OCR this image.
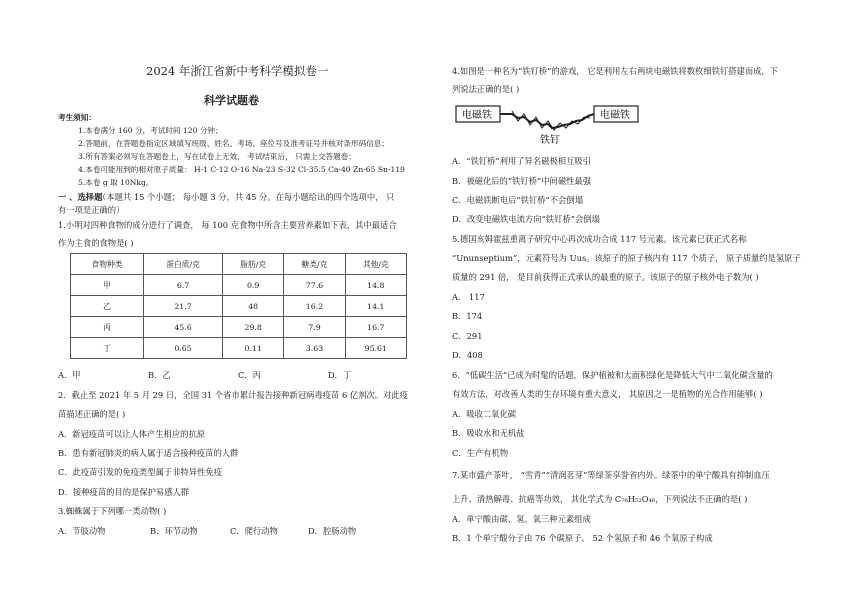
2024 年浙江省新中考科学模拟卷一
科学试题卷
考生须知：
1.本卷满分 160 分，考试时间 120 分钟；
2.答题前，在答题卷指定区域填写班级、姓名、考场、座位号及准考证号并核对条形码信息；
3.所有答案必须写在答题卷上，写在试卷上无效， 考试结束后， 只需上交答题卷；
4.本卷可能用到的相对原子质量： H-1 C-12 O-16 Na-23 S-32 Cl-35.5 Ca-40 Zn-65 Sn-119
5.本卷 g 取 10Nkg。
一 、选择题
（本题共 15 个小题； 每小题 3 分，共 45 分。在每小题给出的四个选项中， 只
有一项是正确的）
1.小明对四种食物的成分进行了调查， 每 100 克食物中所含主要营养素如下表，其中最适合
作为主食的食物是( )
食物种类	蛋白质/克	脂肪/克	糖类/克	其他/克
甲	6.7	0.9	77.6	14.8
乙	21.7	48	16.2	14.1
丙	45.6	29.8	7.9	16.7
丁	0.65	0.11	3.63	95.61
A．甲	B．乙	C．丙	D．丁
2．截止至 2021 年 5 月 29 日，全国 31 个省市累计报告接种新冠病毒疫苗 6 亿剂次。对此疫
苗描述正确的是( )
A．新冠疫苗可以让人体产生相应的抗原
B．患有新冠肺炎的病人属于适合接种疫苗的人群
C．此疫苗引发的免疫类型属于非特异性免疫
D．接种疫苗的目的是保护易感人群
3.蜘蛛属于下列哪一类动物( )
A．节肢动物	B．环节动物	C．爬行动物	D．腔肠动物
4.如图是一种名为“铁钉桥”的游戏， 它是利用左右两块电磁铁将数枚细铁钉搭建而成，下
列说法正确的是( )
电磁铁	电磁铁
铁钉
A．“铁钉桥”利用了异名磁极相互吸引
B．被磁化后的“铁钉桥”中间磁性最强
C．电磁铁断电后“铁钉桥”不会倒塌
D．改变电磁铁电流方向“铁钉桥”会倒塌
5.德国亥姆霍兹重离子研究中心再次成功合成 117 号元素。该元素已获正式名称
“Ununseptium”，元素符号为 Uus。该原子的原子核内有 117 个质子， 原子质量约是氢原子
质量的 291 倍， 是目前获得正式承认的最重的原子。该原子的原子核外电子数为( )
A． 117
B．174
C．291
D．408
6．“低碳生活”已成为时髦的话题，保护植被和大面积绿化是降低大气中二氧化碳含量的
有效方法，对改善人类的生存环境有重大意义， 其原因之一是植物的光合作用能够( )
A．吸收二氧化碳
B．吸收水和无机盐
C．生产有机物
7.某市盛产茶叶， “雪青”“清润茗芽”等绿茶享誉省内外。绿茶中的单宁酸具有抑制血压
上升、清热解毒、抗癌等功效， 其化学式为 C₇₆H₅₂O₄₆，下列说法不正确的是( )
A．单宁酸由碳、氢、氧三种元素组成
B．1 个单宁酸分子由 76 个碳原子、 52 个氢原子和 46 个氧原子构成
